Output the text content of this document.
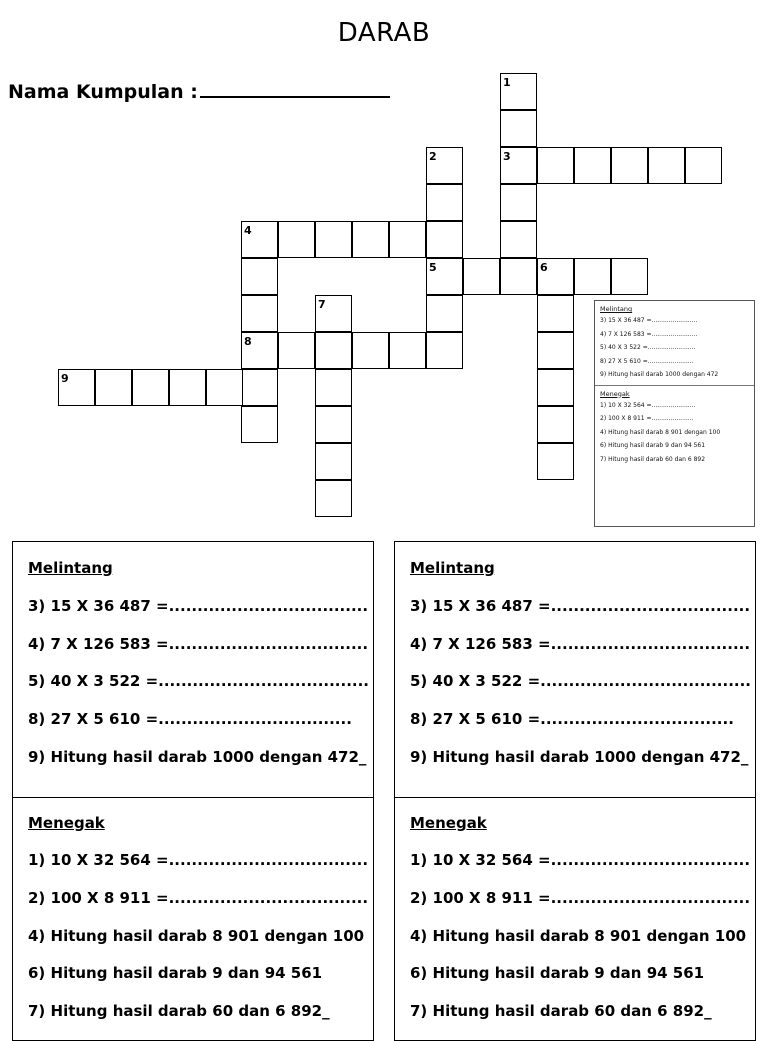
DARAB
Nama Kumpulan :	1
3
2
5
4
8
6
7
9
Melintang
3) 15 X 36 487 =........................
4) 7 X 126 583 =........................
5) 40 X 3 522 =.........................
8) 27 X 5 610 =........................
9) Hitung hasil darab 1000 dengan 472
Menegak
1) 10 X 32 564 =.......................
2) 100 X 8 911 =......................
4) Hitung hasil darab 8 901 dengan 100
6) Hitung hasil darab 9 dan 94 561
7) Hitung hasil darab 60 dan 6 892
Melintang
3) 15 X 36 487 =...................................
4) 7 X 126 583 =...................................
5) 40 X 3 522 =.....................................
8) 27 X 5 610 =..................................
9) Hitung hasil darab 1000 dengan 472_
Menegak
1) 10 X 32 564 =...................................
2) 100 X 8 911 =...................................
4) Hitung hasil darab 8 901 dengan 100
6) Hitung hasil darab 9 dan 94 561
7) Hitung hasil darab 60 dan 6 892_
Melintang
3) 15 X 36 487 =...................................
4) 7 X 126 583 =...................................
5) 40 X 3 522 =.....................................
8) 27 X 5 610 =..................................
9) Hitung hasil darab 1000 dengan 472_
Menegak
1) 10 X 32 564 =...................................
2) 100 X 8 911 =...................................
4) Hitung hasil darab 8 901 dengan 100
6) Hitung hasil darab 9 dan 94 561
7) Hitung hasil darab 60 dan 6 892_
